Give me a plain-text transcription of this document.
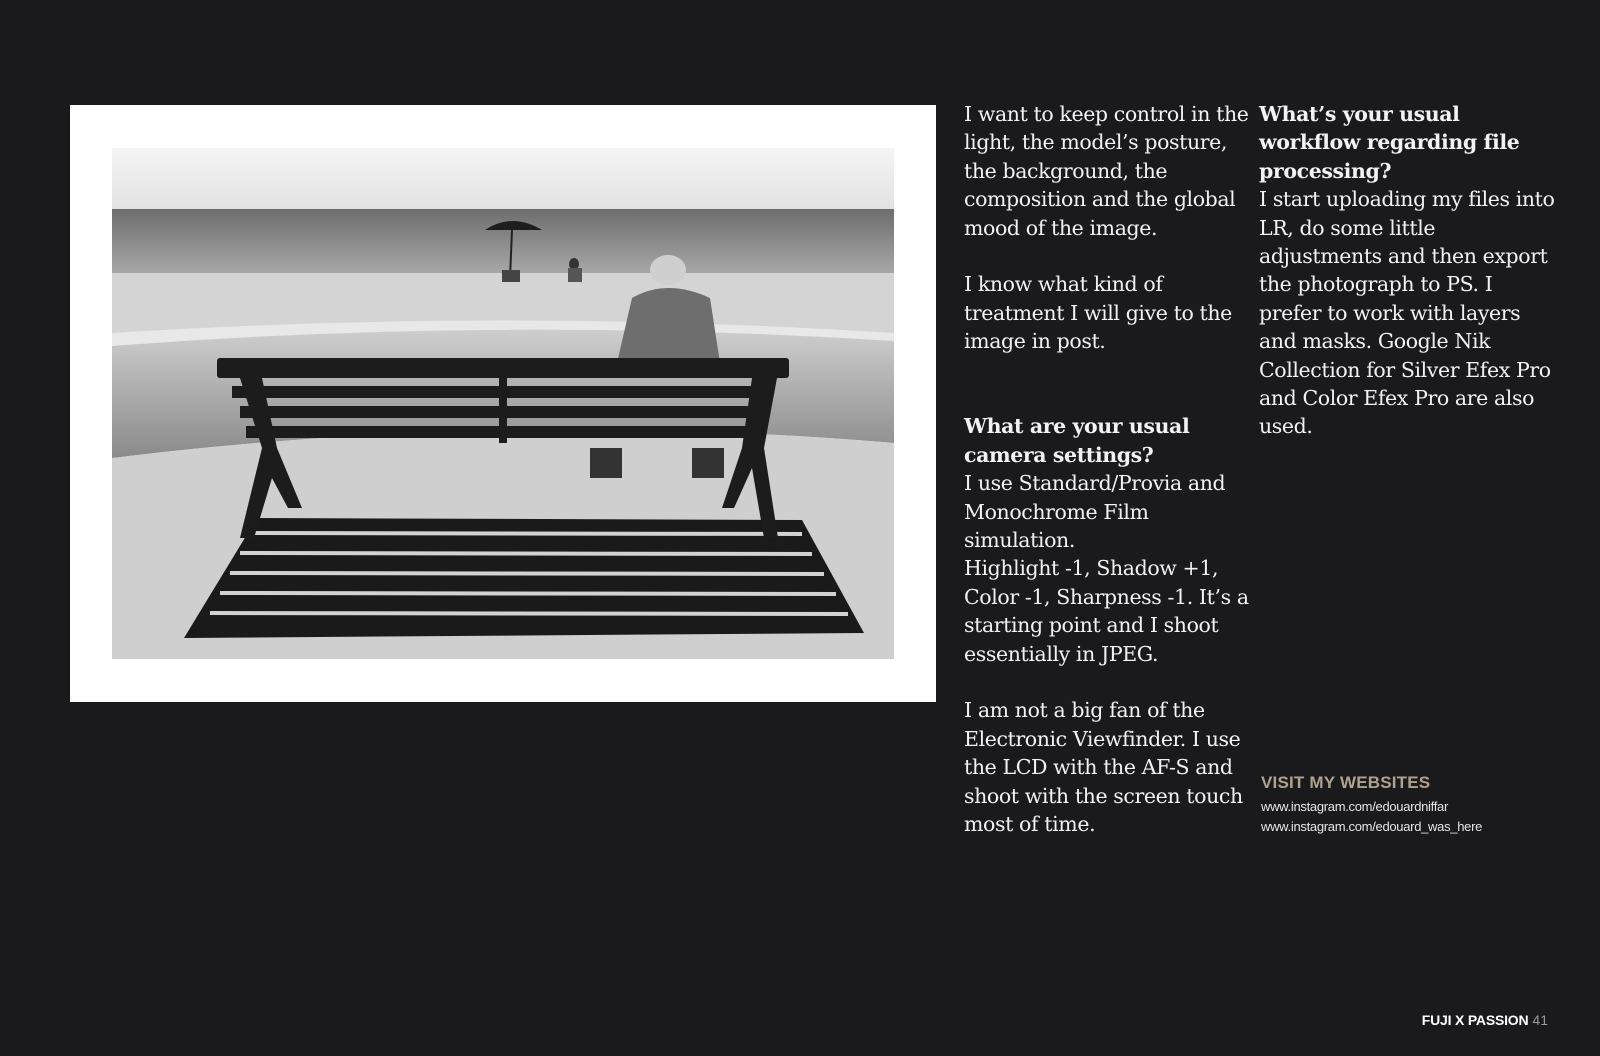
I want to keep control in the light, the model’s posture, the background, the composition and the global mood of the image.

I know what kind of treatment I will give to the image in post.

What are your usual camera settings?

I use Standard/Provia and Monochrome Film simulation.
Highlight -1, Shadow +1, Color -1, Sharpness -1. It’s a starting point and I shoot essentially in JPEG.

I am not a big fan of the Electronic Viewfinder. I use the LCD with the AF-S and shoot with the screen touch most of time.

What’s your usual workflow regarding file processing?

I start uploading my files into LR, do some little adjustments and then export the photograph to PS. I prefer to work with layers and masks. Google Nik Collection for Silver Efex Pro and Color Efex Pro are also used.

VISIT MY WEBSITES
www.instagram.com/edouardniffar
www.instagram.com/edouard_was_here
FUJI X PASSION 41
